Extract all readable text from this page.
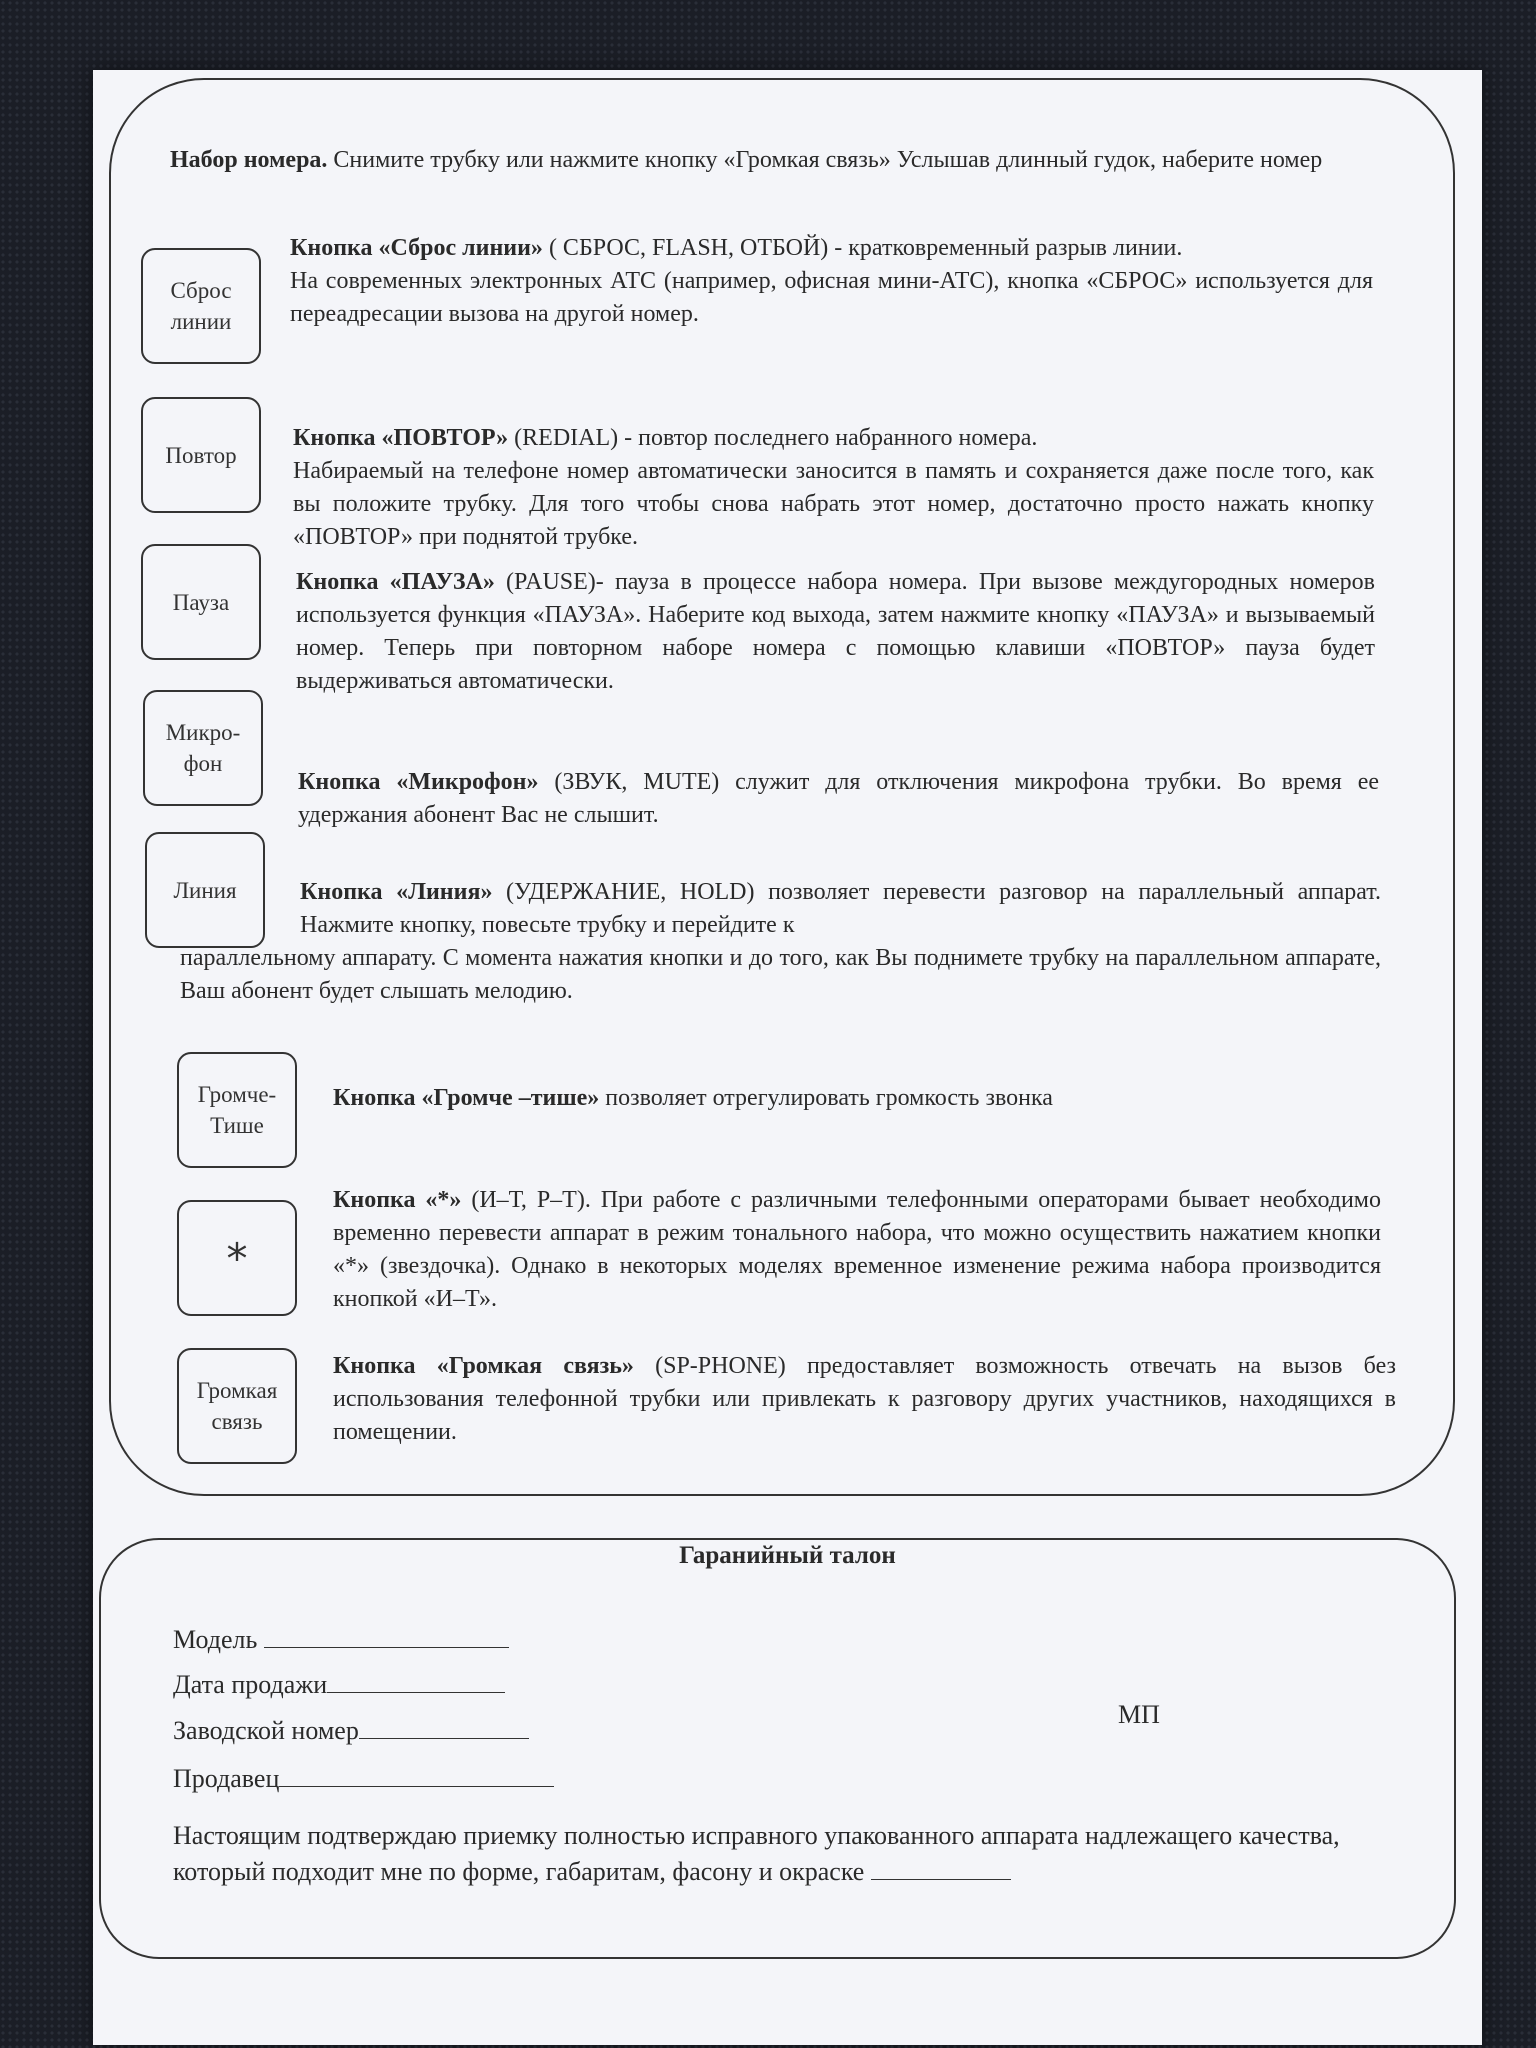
Набор номера. Снимите трубку или нажмите кнопку «Громкая связь» Услышав длинный гудок, наберите номер
Сброс
линии
Повтор
Пауза
Микро-
фон
Линия
Громче-
Тише
*
Громкая
связь

Кнопка «Сброс линии» ( СБРОС, FLASH, ОТБОЙ) - кратковременный разрыв линии.

На современных электронных АТС (например, офисная мини-АТС), кнопка «СБРОС» используется для переадресации вызова на другой номер.

Кнопка «ПОВТОР» (REDIAL) - повтор последнего набранного номера.

Набираемый на телефоне номер автоматически заносится в память и сохраняется даже после того, как вы положите трубку. Для того чтобы снова набрать этот номер, достаточно просто нажать кнопку «ПОВТОР» при поднятой трубке.

Кнопка «ПАУЗА» (PAUSE)- пауза в процессе набора номера. При вызове междугородных номеров используется функция «ПАУЗА». Наберите код выхода, затем нажмите кнопку «ПАУЗА» и вызываемый номер. Теперь при повторном наборе номера с помощью клавиши «ПОВТОР» пауза будет выдерживаться автоматически.

Кнопка «Микрофон» (ЗВУК, MUTE) служит для отключения микрофона трубки. Во время ее удержания абонент Вас не слышит.

Кнопка «Линия» (УДЕРЖАНИЕ, HOLD) позволяет перевести разговор на параллельный аппарат. Нажмите кнопку, повесьте трубку и перейдите к

параллельному аппарату. С момента нажатия кнопки и до того, как Вы поднимете трубку на параллельном аппарате, Ваш абонент будет слышать мелодию.

Кнопка «Громче –тише» позволяет отрегулировать громкость звонка

Кнопка «*» (И–Т, Р–Т). При работе с различными телефонными операторами бывает необходимо временно перевести аппарат в режим тонального набора, что можно осуществить нажатием кнопки «*» (звездочка). Однако в некоторых моделях временное изменение режима набора производится кнопкой «И–Т».

Кнопка «Громкая связь» (SP-PHONE) предоставляет возможность отвечать на вызов без использования телефонной трубки или привлекать к разговору других участников, находящихся в помещении.

Гаранийный талон
Модель
Дата продажи
Заводской номер
Продавец
МП
Настоящим подтверждаю приемку полностью исправного упакованного аппарата надлежащего качества, который подходит мне по форме, габаритам, фасону и окраске
